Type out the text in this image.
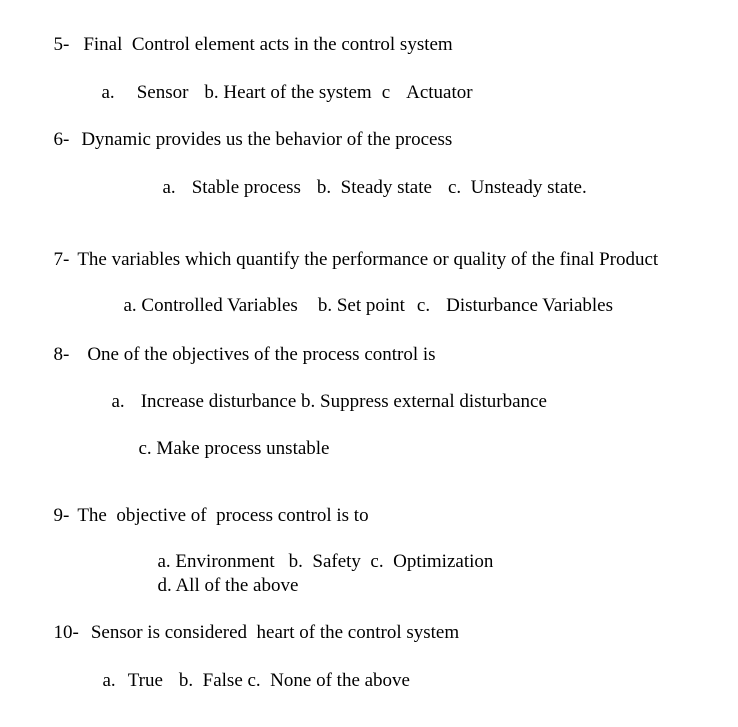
5- Final  Control element acts in the control system

a. Sensor b. Heart of the system c Actuator

6- Dynamic provides us the behavior of the process

a. Stable process b.  Steady state c.  Unsteady state.

7- The variables which quantify the performance or quality of the final Product

a. Controlled Variables b. Set point c. Disturbance Variables

8- One of the objectives of the process control is

a. Increase disturbance b. Suppress external disturbance

c. Make process unstable

9- The  objective of  process control is to

a. Environment b.  Safety  c.  Optimization

d. All of the above

10- Sensor is considered  heart of the control system

a. True b.  False c.  None of the above
